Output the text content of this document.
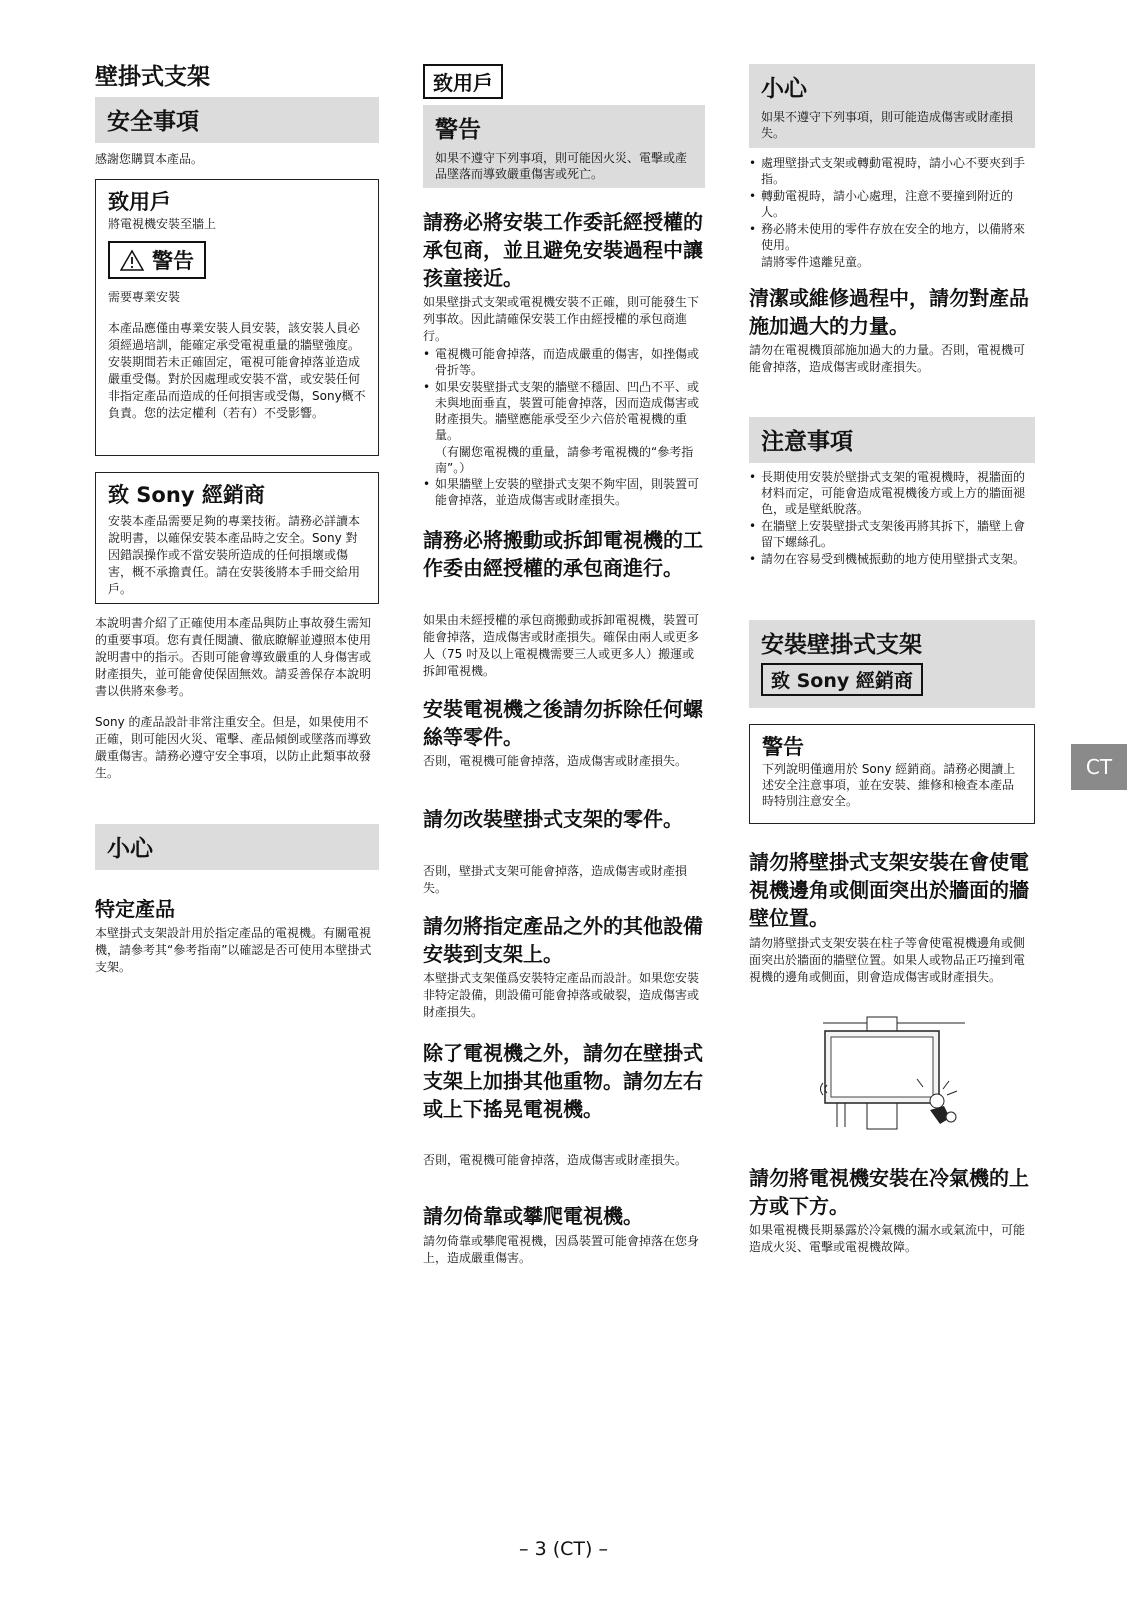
壁掛式支架
安全事項
感謝您購買本產品。
致用戶
將電視機安裝至牆上
警告
需要專業安裝
本產品應僅由專業安裝人員安裝，該安裝人員必須經過培訓，能確定承受電視重量的牆壁強度。安裝期間若未正確固定，電視可能會掉落並造成嚴重受傷。對於因處理或安裝不當，或安裝任何非指定產品而造成的任何損害或受傷，Sony概不負責。您的法定權利（若有）不受影響。
致 Sony 經銷商
安裝本產品需要足夠的專業技術。請務必詳讀本說明書，以確保安裝本產品時之安全。Sony 對因錯誤操作或不當安裝所造成的任何損壞或傷害，概不承擔責任。請在安裝後將本手冊交給用戶。
本說明書介紹了正確使用本產品與防止事故發生需知的重要事項。您有責任閱讀、徹底瞭解並遵照本使用說明書中的指示。否則可能會導致嚴重的人身傷害或財產損失，並可能會使保固無效。請妥善保存本說明書以供將來參考。
Sony 的產品設計非常注重安全。但是，如果使用不正確，則可能因火災、電擊、產品傾倒或墜落而導致嚴重傷害。請務必遵守安全事項，以防止此類事故發生。
小心
特定產品
本壁掛式支架設計用於指定產品的電視機。有關電視機，請參考其“參考指南”以確認是否可使用本壁掛式支架。
致用戶
警告
如果不遵守下列事項，則可能因火災、電擊或產品墜落而導致嚴重傷害或死亡。
請務必將安裝工作委託經授權的承包商，並且避免安裝過程中讓孩童接近。
如果壁掛式支架或電視機安裝不正確，則可能發生下列事故。因此請確保安裝工作由經授權的承包商進行。
• 電視機可能會掉落，而造成嚴重的傷害，如挫傷或骨折等。
• 如果安裝壁掛式支架的牆壁不穩固、凹凸不平、或未與地面垂直，裝置可能會掉落，因而造成傷害或財產損失。牆壁應能承受至少六倍於電視機的重量。
（有關您電視機的重量，請參考電視機的“參考指南”。）
• 如果牆壁上安裝的壁掛式支架不夠牢固，則裝置可能會掉落，並造成傷害或財產損失。
請務必將搬動或拆卸電視機的工作委由經授權的承包商進行。
如果由未經授權的承包商搬動或拆卸電視機，裝置可能會掉落，造成傷害或財產損失。確保由兩人或更多人（75 吋及以上電視機需要三人或更多人）搬運或拆卸電視機。
安裝電視機之後請勿拆除任何螺絲等零件。
否則，電視機可能會掉落，造成傷害或財產損失。
請勿改裝壁掛式支架的零件。
否則，壁掛式支架可能會掉落，造成傷害或財產損失。
請勿將指定產品之外的其他設備安裝到支架上。
本壁掛式支架僅爲安裝特定產品而設計。如果您安裝非特定設備，則設備可能會掉落或破裂，造成傷害或財產損失。
除了電視機之外，請勿在壁掛式支架上加掛其他重物。請勿左右或上下搖晃電視機。
否則，電視機可能會掉落，造成傷害或財產損失。
請勿倚靠或攀爬電視機。
請勿倚靠或攀爬電視機，因爲裝置可能會掉落在您身上，造成嚴重傷害。
小心
如果不遵守下列事項，則可能造成傷害或財產損失。
• 處理壁掛式支架或轉動電視時，請小心不要夾到手指。
• 轉動電視時，請小心處理，注意不要撞到附近的人。
• 務必將未使用的零件存放在安全的地方，以備將來使用。
請將零件遠離兒童。
清潔或維修過程中，請勿對產品施加過大的力量。
請勿在電視機頂部施加過大的力量。否則，電視機可能會掉落，造成傷害或財產損失。
注意事項
• 長期使用安裝於壁掛式支架的電視機時，視牆面的材料而定，可能會造成電視機後方或上方的牆面褪色，或是壁紙脫落。
• 在牆壁上安裝壁掛式支架後再將其拆下，牆壁上會留下螺絲孔。
• 請勿在容易受到機械振動的地方使用壁掛式支架。
安裝壁掛式支架
致 Sony 經銷商
警告
下列說明僅適用於 Sony 經銷商。請務必閱讀上述安全注意事項，並在安裝、維修和檢查本產品時特別注意安全。
請勿將壁掛式支架安裝在會使電視機邊角或側面突出於牆面的牆壁位置。
請勿將壁掛式支架安裝在柱子等會使電視機邊角或側面突出於牆面的牆壁位置。如果人或物品正巧撞到電視機的邊角或側面，則會造成傷害或財產損失。
請勿將電視機安裝在冷氣機的上方或下方。
如果電視機長期暴露於冷氣機的漏水或氣流中，可能造成火災、電擊或電視機故障。
CT
– 3 (CT) –
